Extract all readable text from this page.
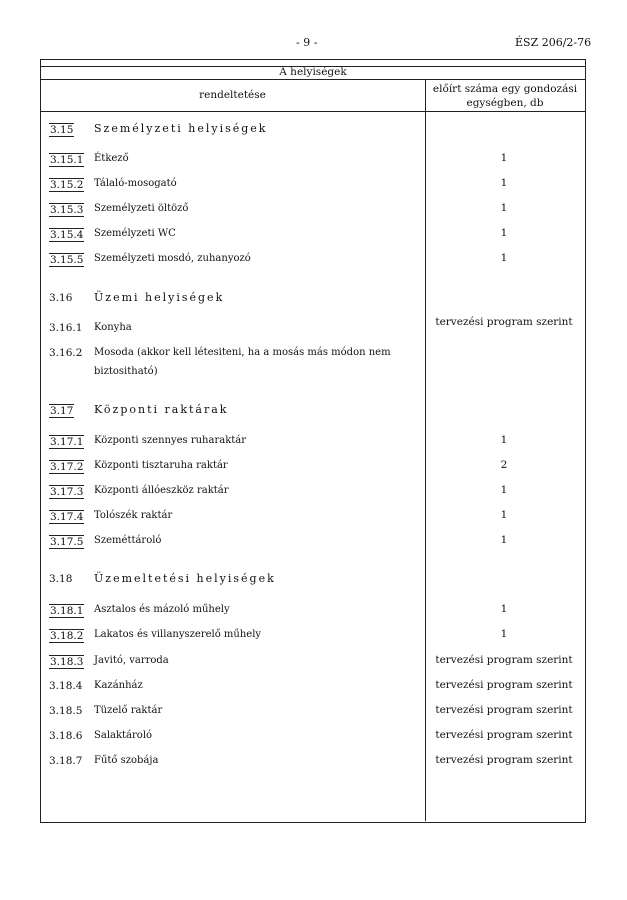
- 9 -	ÉSZ 206/2-76
A helyiségek
rendeltetése	előírt száma egy gondozási
egységben, db
3.15 Személyzeti helyiségek
3.15.1 Étkező	1
3.15.2 Tálaló-mosogató	1
3.15.3 Személyzeti öltöző	1
3.15.4 Személyzeti WC	1
3.15.5 Személyzeti mosdó, zuhanyozó	1
3.16 Üzemi helyiségek
3.16.1 Konyha	tervezési program szerint
3.16.2 Mosoda (akkor kell létesiteni, ha a mosás más módon nem
biztositható)
3.17 Központi raktárak
3.17.1 Központi szennyes ruharaktár	1
3.17.2 Központi tisztaruha raktár	2
3.17.3 Központi állóeszköz raktár	1
3.17.4 Tolószék raktár	1
3.17.5 Szeméttároló	1
3.18 Üzemeltetési helyiségek
3.18.1 Asztalos és mázoló műhely	1
3.18.2 Lakatos és villanyszerelő műhely	1
3.18.3 Javitó, varroda	tervezési program szerint
3.18.4 Kazánház	tervezési program szerint
3.18.5 Tüzelő raktár	tervezési program szerint
3.18.6 Salaktároló	tervezési program szerint
3.18.7 Fűtő szobája	tervezési program szerint
